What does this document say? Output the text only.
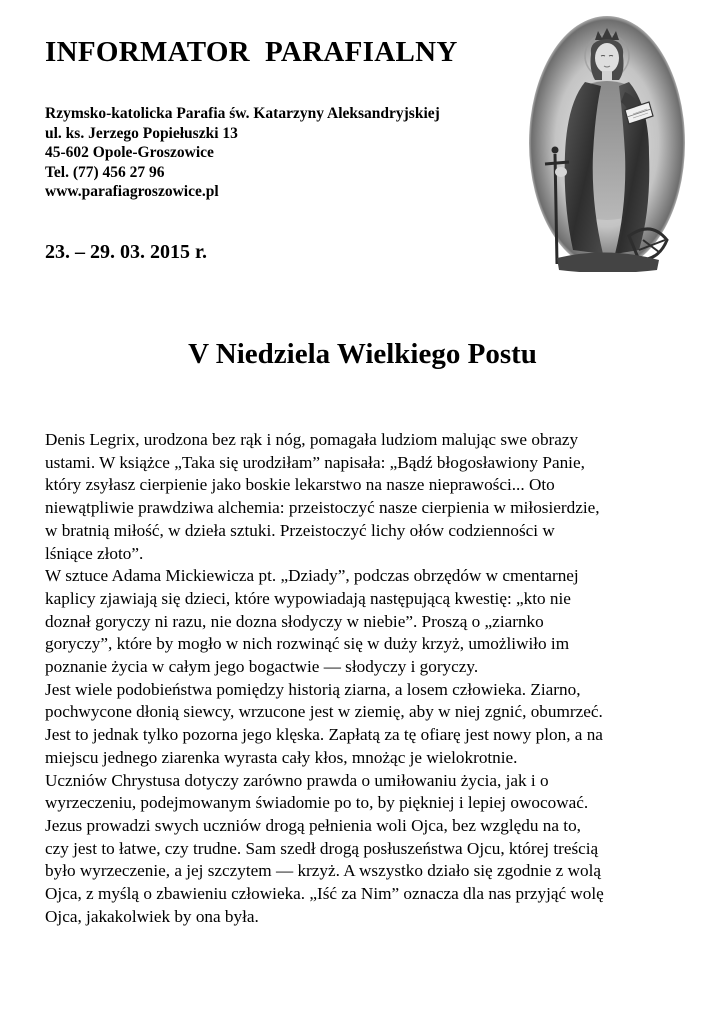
INFORMATOR  PARAFIALNY
Rzymsko-katolicka Parafia św. Katarzyny Aleksandryjskiej
ul. ks. Jerzego Popiełuszki 13
45-602 Opole-Groszowice
Tel. (77) 456 27 96
www.parafiagroszowice.pl
23. – 29. 03. 2015 r.
V Niedziela Wielkiego Postu
Denis Legrix, urodzona bez rąk i nóg, pomagała ludziom malując swe obrazy
ustami. W książce „Taka się urodziłam” napisała: „Bądź błogosławiony Panie,
który zsyłasz cierpienie jako boskie lekarstwo na nasze nieprawości... Oto
niewątpliwie prawdziwa alchemia: przeistoczyć nasze cierpienia w miłosierdzie,
w bratnią miłość, w dzieła sztuki. Przeistoczyć lichy ołów codzienności w
lśniące złoto”.
W sztuce Adama Mickiewicza pt. „Dziady”, podczas obrzędów w cmentarnej
kaplicy zjawiają się dzieci, które wypowiadają następującą kwestię: „kto nie
doznał goryczy ni razu, nie dozna słodyczy w niebie”. Proszą o „ziarnko
goryczy”, które by mogło w nich rozwinąć się w duży krzyż, umożliwiło im
poznanie życia w całym jego bogactwie — słodyczy i goryczy.
Jest wiele podobieństwa pomiędzy historią ziarna, a losem człowieka. Ziarno,
pochwycone dłonią siewcy, wrzucone jest w ziemię, aby w niej zgnić, obumrzeć.
Jest to jednak tylko pozorna jego klęska. Zapłatą za tę ofiarę jest nowy plon, a na
miejscu jednego ziarenka wyrasta cały kłos, mnożąc je wielokrotnie.
Uczniów Chrystusa dotyczy zarówno prawda o umiłowaniu życia, jak i o
wyrzeczeniu, podejmowanym świadomie po to, by piękniej i lepiej owocować.
Jezus prowadzi swych uczniów drogą pełnienia woli Ojca, bez względu na to,
czy jest to łatwe, czy trudne. Sam szedł drogą posłuszeństwa Ojcu, której treścią
było wyrzeczenie, a jej szczytem — krzyż. A wszystko działo się zgodnie z wolą
Ojca, z myślą o zbawieniu człowieka. „Iść za Nim” oznacza dla nas przyjąć wolę
Ojca, jakakolwiek by ona była.
